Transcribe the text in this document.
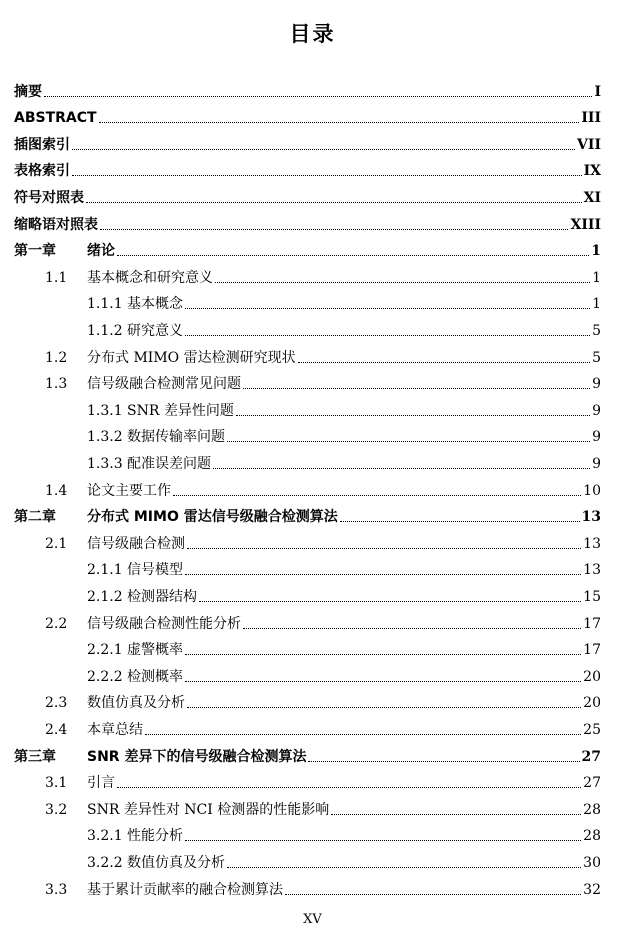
目录
摘要	I
ABSTRACT	III
插图索引	VII
表格索引	IX
符号对照表	XI
缩略语对照表	XIII
第一章	绪论	1
1.1	基本概念和研究意义	1
1.1.1 基本概念	1
1.1.2 研究意义	5
1.2	分布式 MIMO 雷达检测研究现状	5
1.3	信号级融合检测常见问题	9
1.3.1 SNR 差异性问题	9
1.3.2 数据传输率问题	9
1.3.3 配准误差问题	9
1.4	论文主要工作	10
第二章	分布式 MIMO 雷达信号级融合检测算法	13
2.1	信号级融合检测	13
2.1.1 信号模型	13
2.1.2 检测器结构	15
2.2	信号级融合检测性能分析	17
2.2.1 虚警概率	17
2.2.2 检测概率	20
2.3	数值仿真及分析	20
2.4	本章总结	25
第三章	SNR 差异下的信号级融合检测算法	27
3.1	引言	27
3.2	SNR 差异性对 NCI 检测器的性能影响	28
3.2.1 性能分析	28
3.2.2 数值仿真及分析	30
3.3	基于累计贡献率的融合检测算法	32
XV
